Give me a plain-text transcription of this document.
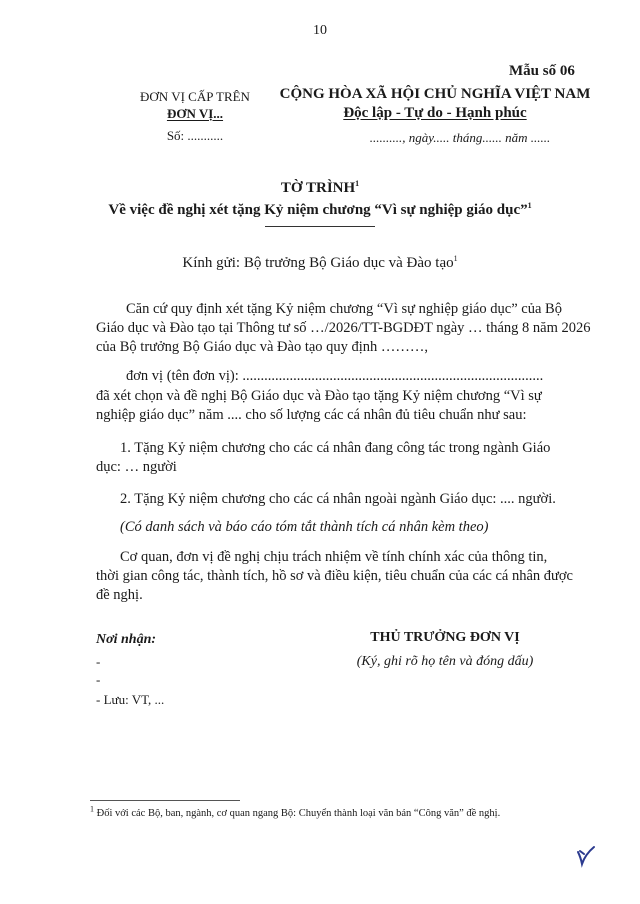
10
Mẫu số 06
ĐƠN VỊ CẤP TRÊN
ĐƠN VỊ...
Số: ...........
CỘNG HÒA XÃ HỘI CHỦ NGHĨA VIỆT NAM
Độc lập - Tự do - Hạnh phúc
.........., ngày..... tháng...... năm ......
TỜ TRÌNH$^1$
Về việc đề nghị xét tặng Kỷ niệm chương “Vì sự nghiệp giáo dục”$^1$
Kính gửi: Bộ trưởng Bộ Giáo dục và Đào tạo$^1$
Căn cứ quy định xét tặng Kỷ niệm chương “Vì sự nghiệp giáo dục” của Bộ
Giáo dục và Đào tạo tại Thông tư số …/2026/TT-BGDĐT ngày … tháng 8 năm 2026
của Bộ trưởng Bộ Giáo dục và Đào tạo quy định ………,
đơn vị (tên đơn vị): ...................................................................................
đã xét chọn và đề nghị Bộ Giáo dục và Đào tạo tặng Kỷ niệm chương “Vì sự
nghiệp giáo dục” năm .... cho số lượng các cá nhân đủ tiêu chuẩn như sau:
1. Tặng Kỷ niệm chương cho các cá nhân đang công tác trong ngành Giáo
dục: … người
2. Tặng Kỷ niệm chương cho các cá nhân ngoài ngành Giáo dục: .... người.
(Có danh sách và báo cáo tóm tắt thành tích cá nhân kèm theo)
Cơ quan, đơn vị đề nghị chịu trách nhiệm về tính chính xác của thông tin,
thời gian công tác, thành tích, hồ sơ và điều kiện, tiêu chuẩn của các cá nhân được
đề nghị.
Nơi nhận:
-
-
- Lưu: VT, ...
THỦ TRƯỞNG ĐƠN VỊ
(Ký, ghi rõ họ tên và đóng dấu)
$^1$ Đối với các Bộ, ban, ngành, cơ quan ngang Bộ: Chuyển thành loại văn bản “Công văn” đề nghị.
